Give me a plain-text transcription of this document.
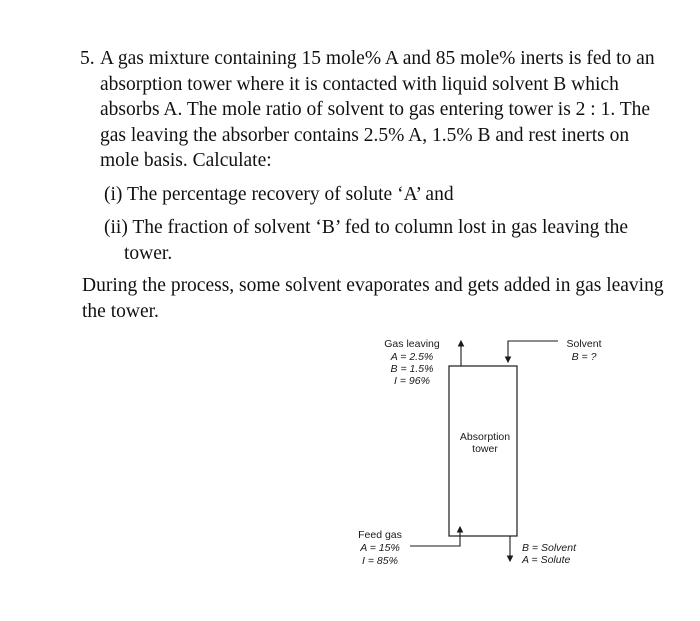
5. A gas mixture containing 15 mole% A and 85 mole% inerts is fed to an absorption tower where it is contacted with liquid solvent B which absorbs A. The mole ratio of solvent to gas entering tower is 2 : 1. The gas leaving the absorber contains 2.5% A, 1.5% B and rest inerts on mole basis. Calculate:

(i) The percentage recovery of solute ‘A’ and

(ii) The fraction of solvent ‘B’ fed to column lost in gas leaving the tower.

During the process, some solvent evaporates and gets added in gas leaving the tower.

Absorption
tower
Gas leaving
A = 2.5%
B = 1.5%
I = 96%
Solvent
B = ?
Feed gas
A = 15%
I = 85%
B = Solvent
A = Solute
